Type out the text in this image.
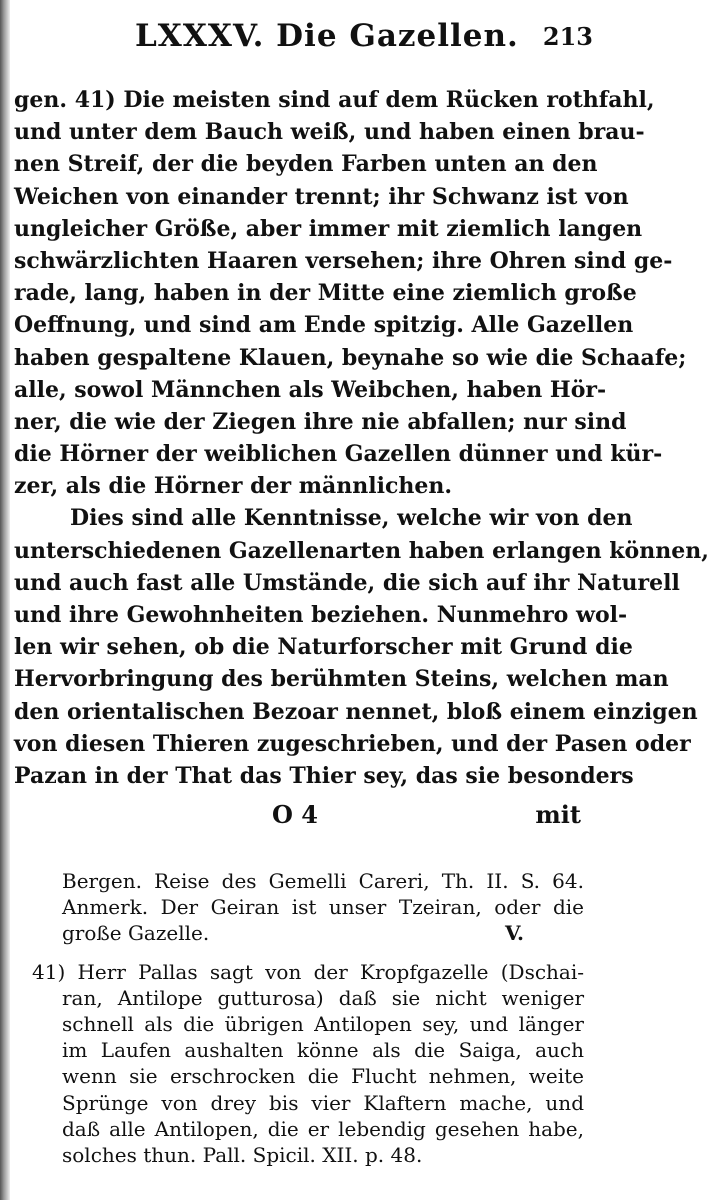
LXXXV. Die Gazellen. 213
gen. 41) Die meisten sind auf dem Rücken rothfahl,
und unter dem Bauch weiß, und haben einen brau-
nen Streif, der die beyden Farben unten an den
Weichen von einander trennt; ihr Schwanz ist von
ungleicher Größe, aber immer mit ziemlich langen
schwärzlichten Haaren versehen; ihre Ohren sind ge-
rade, lang, haben in der Mitte eine ziemlich große
Oeffnung, und sind am Ende spitzig. Alle Gazellen
haben gespaltene Klauen, beynahe so wie die Schaafe;
alle, sowol Männchen als Weibchen, haben Hör-
ner, die wie der Ziegen ihre nie abfallen; nur sind
die Hörner der weiblichen Gazellen dünner und kür-
zer, als die Hörner der männlichen.
Dies sind alle Kenntnisse, welche wir von den
unterschiedenen Gazellenarten haben erlangen können,
und auch fast alle Umstände, die sich auf ihr Naturell
und ihre Gewohnheiten beziehen. Nunmehro wol-
len wir sehen, ob die Naturforscher mit Grund die
Hervorbringung des berühmten Steins, welchen man
den orientalischen Bezoar nennet, bloß einem einzigen
von diesen Thieren zugeschrieben, und der Pasen oder
Pazan in der That das Thier sey, das sie besonders
O 4	mit
Bergen. Reise des Gemelli Careri, Th. II. S. 64.
Anmerk. Der Geiran ist unser Tzeiran, oder die
große Gazelle.	V.
41) Herr Pallas sagt von der Kropfgazelle (Dschai-
ran, Antilope gutturosa) daß sie nicht weniger
schnell als die übrigen Antilopen sey, und länger
im Laufen aushalten könne als die Saiga, auch
wenn sie erschrocken die Flucht nehmen, weite
Sprünge von drey bis vier Klaftern mache, und
daß alle Antilopen, die er lebendig gesehen habe,
solches thun. Pall. Spicil. XII. p. 48.
